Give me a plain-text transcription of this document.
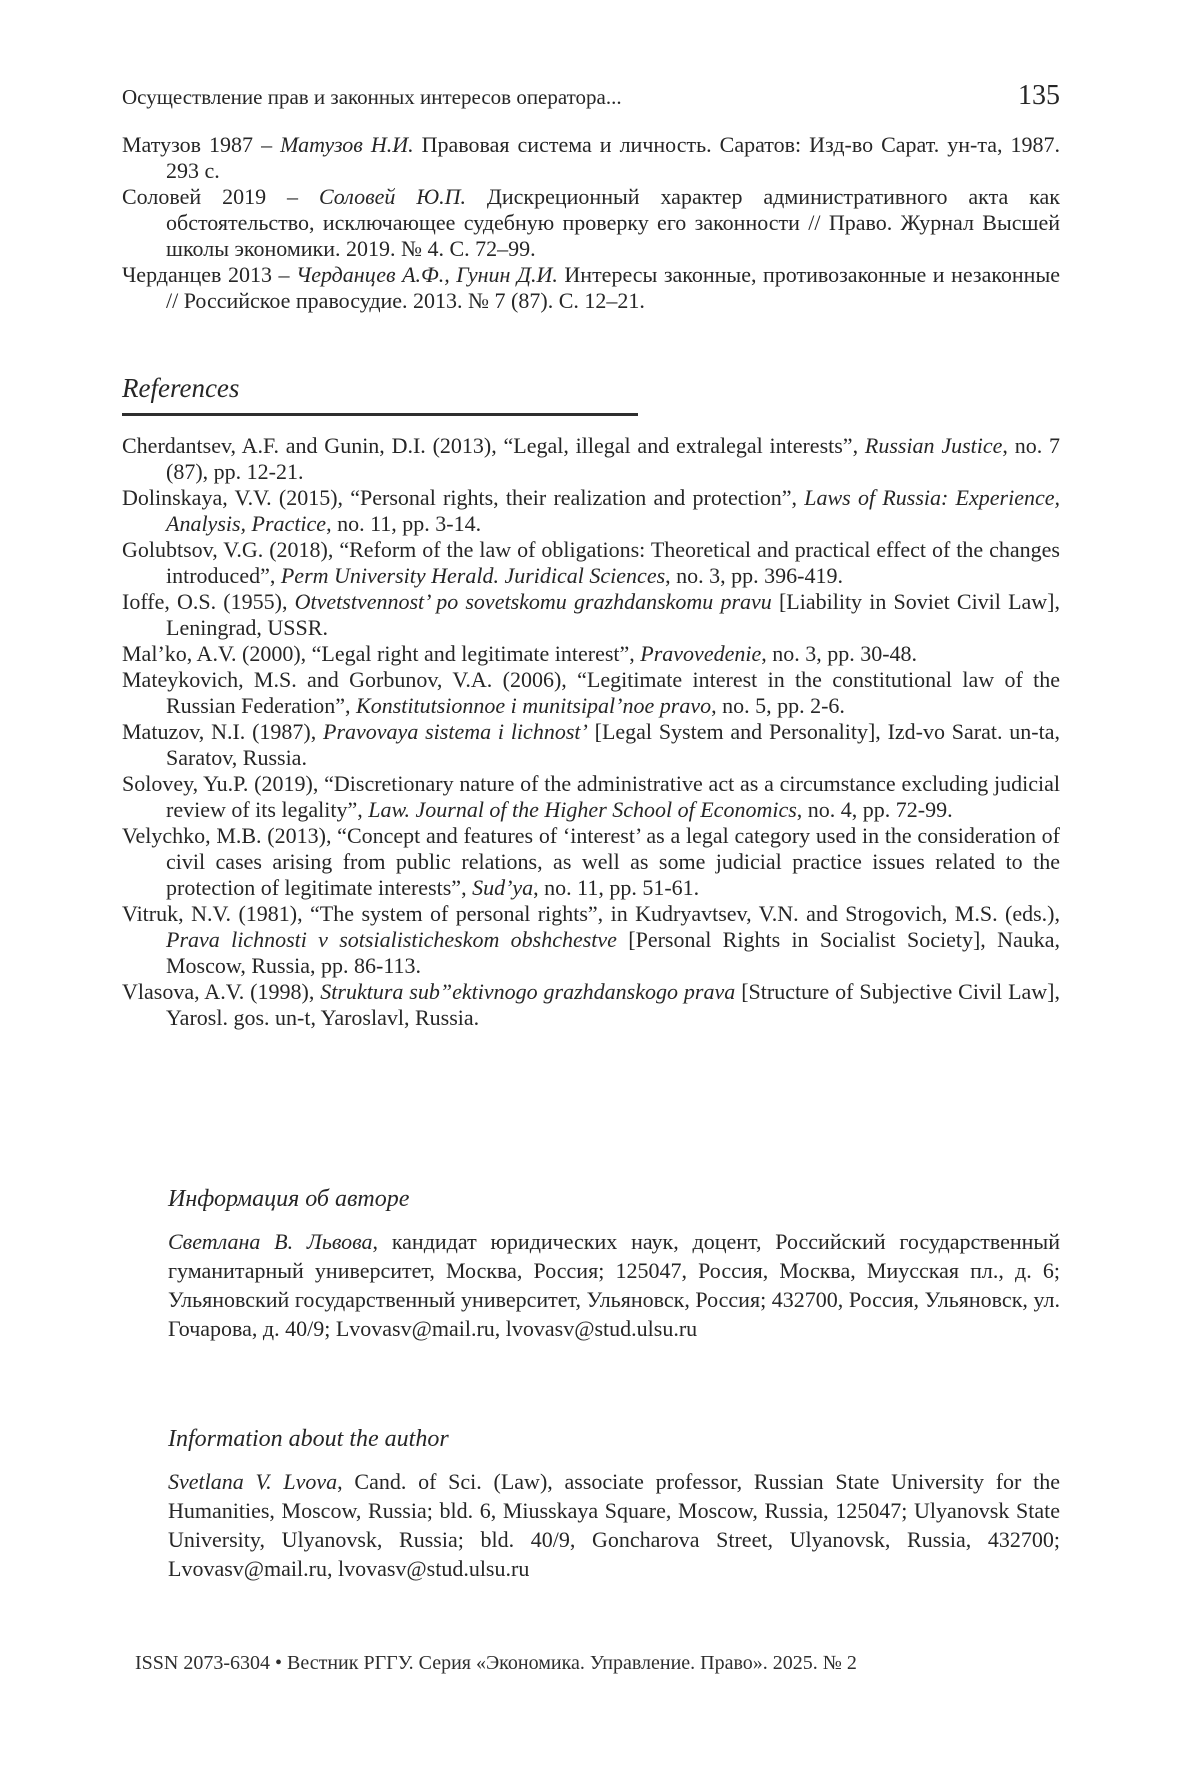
Осуществление прав и законных интересов оператора...	135

Матузов 1987 – Матузов Н.И. Правовая система и личность. Саратов: Изд-во Сарат. ун-та, 1987. 293 с.

Соловей 2019 – Соловей Ю.П. Дискреционный характер административного акта как обстоятельство, исключающее судебную проверку его законности // Право. Журнал Высшей школы экономики. 2019. № 4. С. 72–99.

Черданцев 2013 – Черданцев А.Ф., Гунин Д.И. Интересы законные, противозаконные и незаконные // Российское правосудие. 2013. № 7 (87). С. 12–21.

References

Cherdantsev, A.F. and Gunin, D.I. (2013), “Legal, illegal and extralegal interests”, Russian Justice, no. 7 (87), pp. 12-21.

Dolinskaya, V.V. (2015), “Personal rights, their realization and protection”, Laws of Russia: Experience, Analysis, Practice, no. 11, pp. 3-14.

Golubtsov, V.G. (2018), “Reform of the law of obligations: Theoretical and practical effect of the changes introduced”, Perm University Herald. Juridical Sciences, no. 3, pp. 396-419.

Ioffe, O.S. (1955), Otvetstvennost’ po sovetskomu grazhdanskomu pravu [Liability in Soviet Civil Law], Leningrad, USSR.

Mal’ko, A.V. (2000), “Legal right and legitimate interest”, Pravovedenie, no. 3, pp. 30-48.

Mateykovich, M.S. and Gorbunov, V.A. (2006), “Legitimate interest in the constitutional law of the Russian Federation”, Konstitutsionnoe i munitsipal’noe pravo, no. 5, pp. 2-6.

Matuzov, N.I. (1987), Pravovaya sistema i lichnost’ [Legal System and Personality], Izd-vo Sarat. un-ta, Saratov, Russia.

Solovey, Yu.P. (2019), “Discretionary nature of the administrative act as a circumstance excluding judicial review of its legality”, Law. Journal of the Higher School of Economics, no. 4, pp. 72-99.

Velychko, M.B. (2013), “Concept and features of ‘interest’ as a legal category used in the consideration of civil cases arising from public relations, as well as some judicial practice issues related to the protection of legitimate interests”, Sud’ya, no. 11, pp. 51-61.

Vitruk, N.V. (1981), “The system of personal rights”, in Kudryavtsev, V.N. and Strogovich, M.S. (eds.), Prava lichnosti v sotsialisticheskom obshchestve [Personal Rights in Socialist Society], Nauka, Moscow, Russia, pp. 86-113.

Vlasova, A.V. (1998), Struktura sub”ektivnogo grazhdanskogo prava [Structure of Subjective Civil Law], Yarosl. gos. un-t, Yaroslavl, Russia.

Информация об авторе

Светлана В. Львова, кандидат юридических наук, доцент, Российский государственный гуманитарный университет, Москва, Россия; 125047, Россия, Москва, Миусская пл., д. 6; Ульяновский государственный университет, Ульяновск, Россия; 432700, Россия, Ульяновск, ул. Гочарова, д. 40/9; Lvovasv@mail.ru, lvovasv@stud.ulsu.ru

Information about the author

Svetlana V. Lvova, Cand. of Sci. (Law), associate professor, Russian State University for the Humanities, Moscow, Russia; bld. 6, Miusskaya Square, Moscow, Russia, 125047; Ulyanovsk State University, Ulyanovsk, Russia; bld. 40/9, Goncharova Street, Ulyanovsk, Russia, 432700; Lvovasv@mail.ru, lvovasv@stud.ulsu.ru

ISSN 2073-6304 • Вестник РГГУ. Серия «Экономика. Управление. Право». 2025. № 2
